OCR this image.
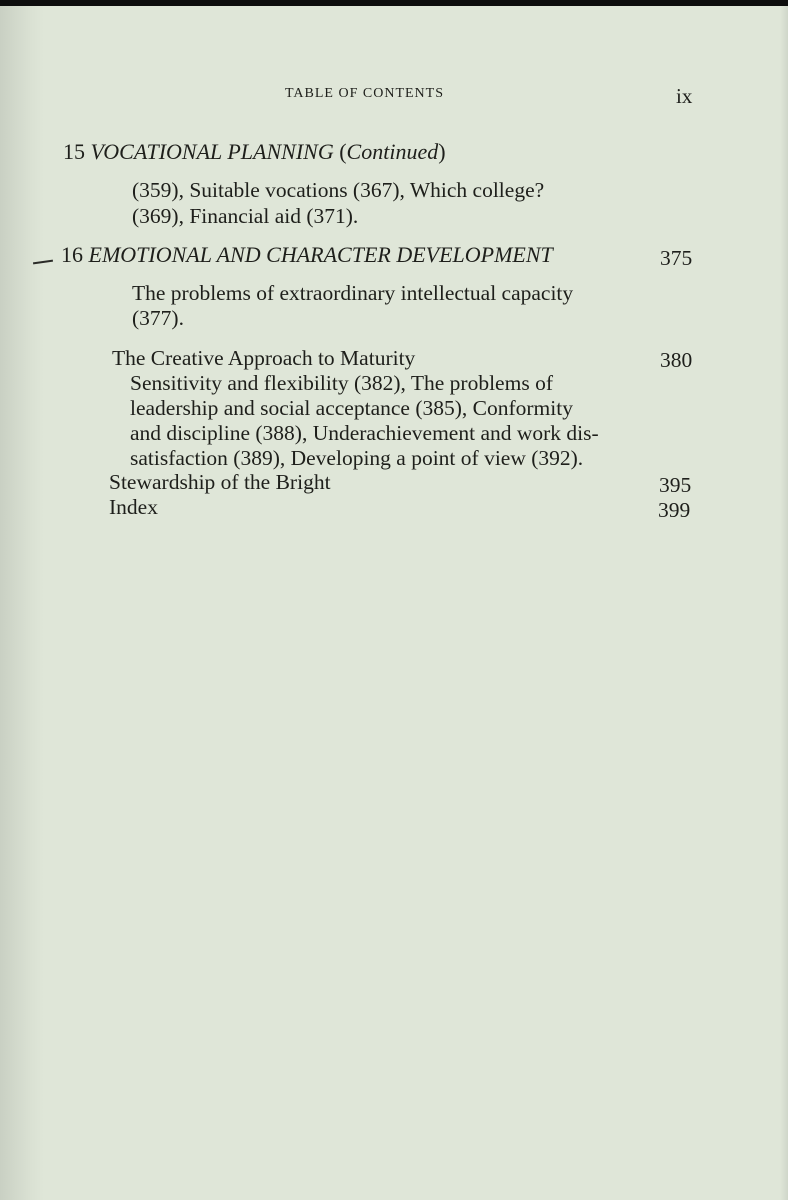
TABLE OF CONTENTS	ix
15 VOCATIONAL PLANNING (Continued)
(359), Suitable vocations (367), Which college?
(369), Financial aid (371).
16 EMOTIONAL AND CHARACTER DEVELOPMENT	375
The problems of extraordinary intellectual capacity
(377).
The Creative Approach to Maturity	380
Sensitivity and flexibility (382), The problems of
leadership and social acceptance (385), Conformity
and discipline (388), Underachievement and work dis-
satisfaction (389), Developing a point of view (392).
Stewardship of the Bright	395
Index	399
